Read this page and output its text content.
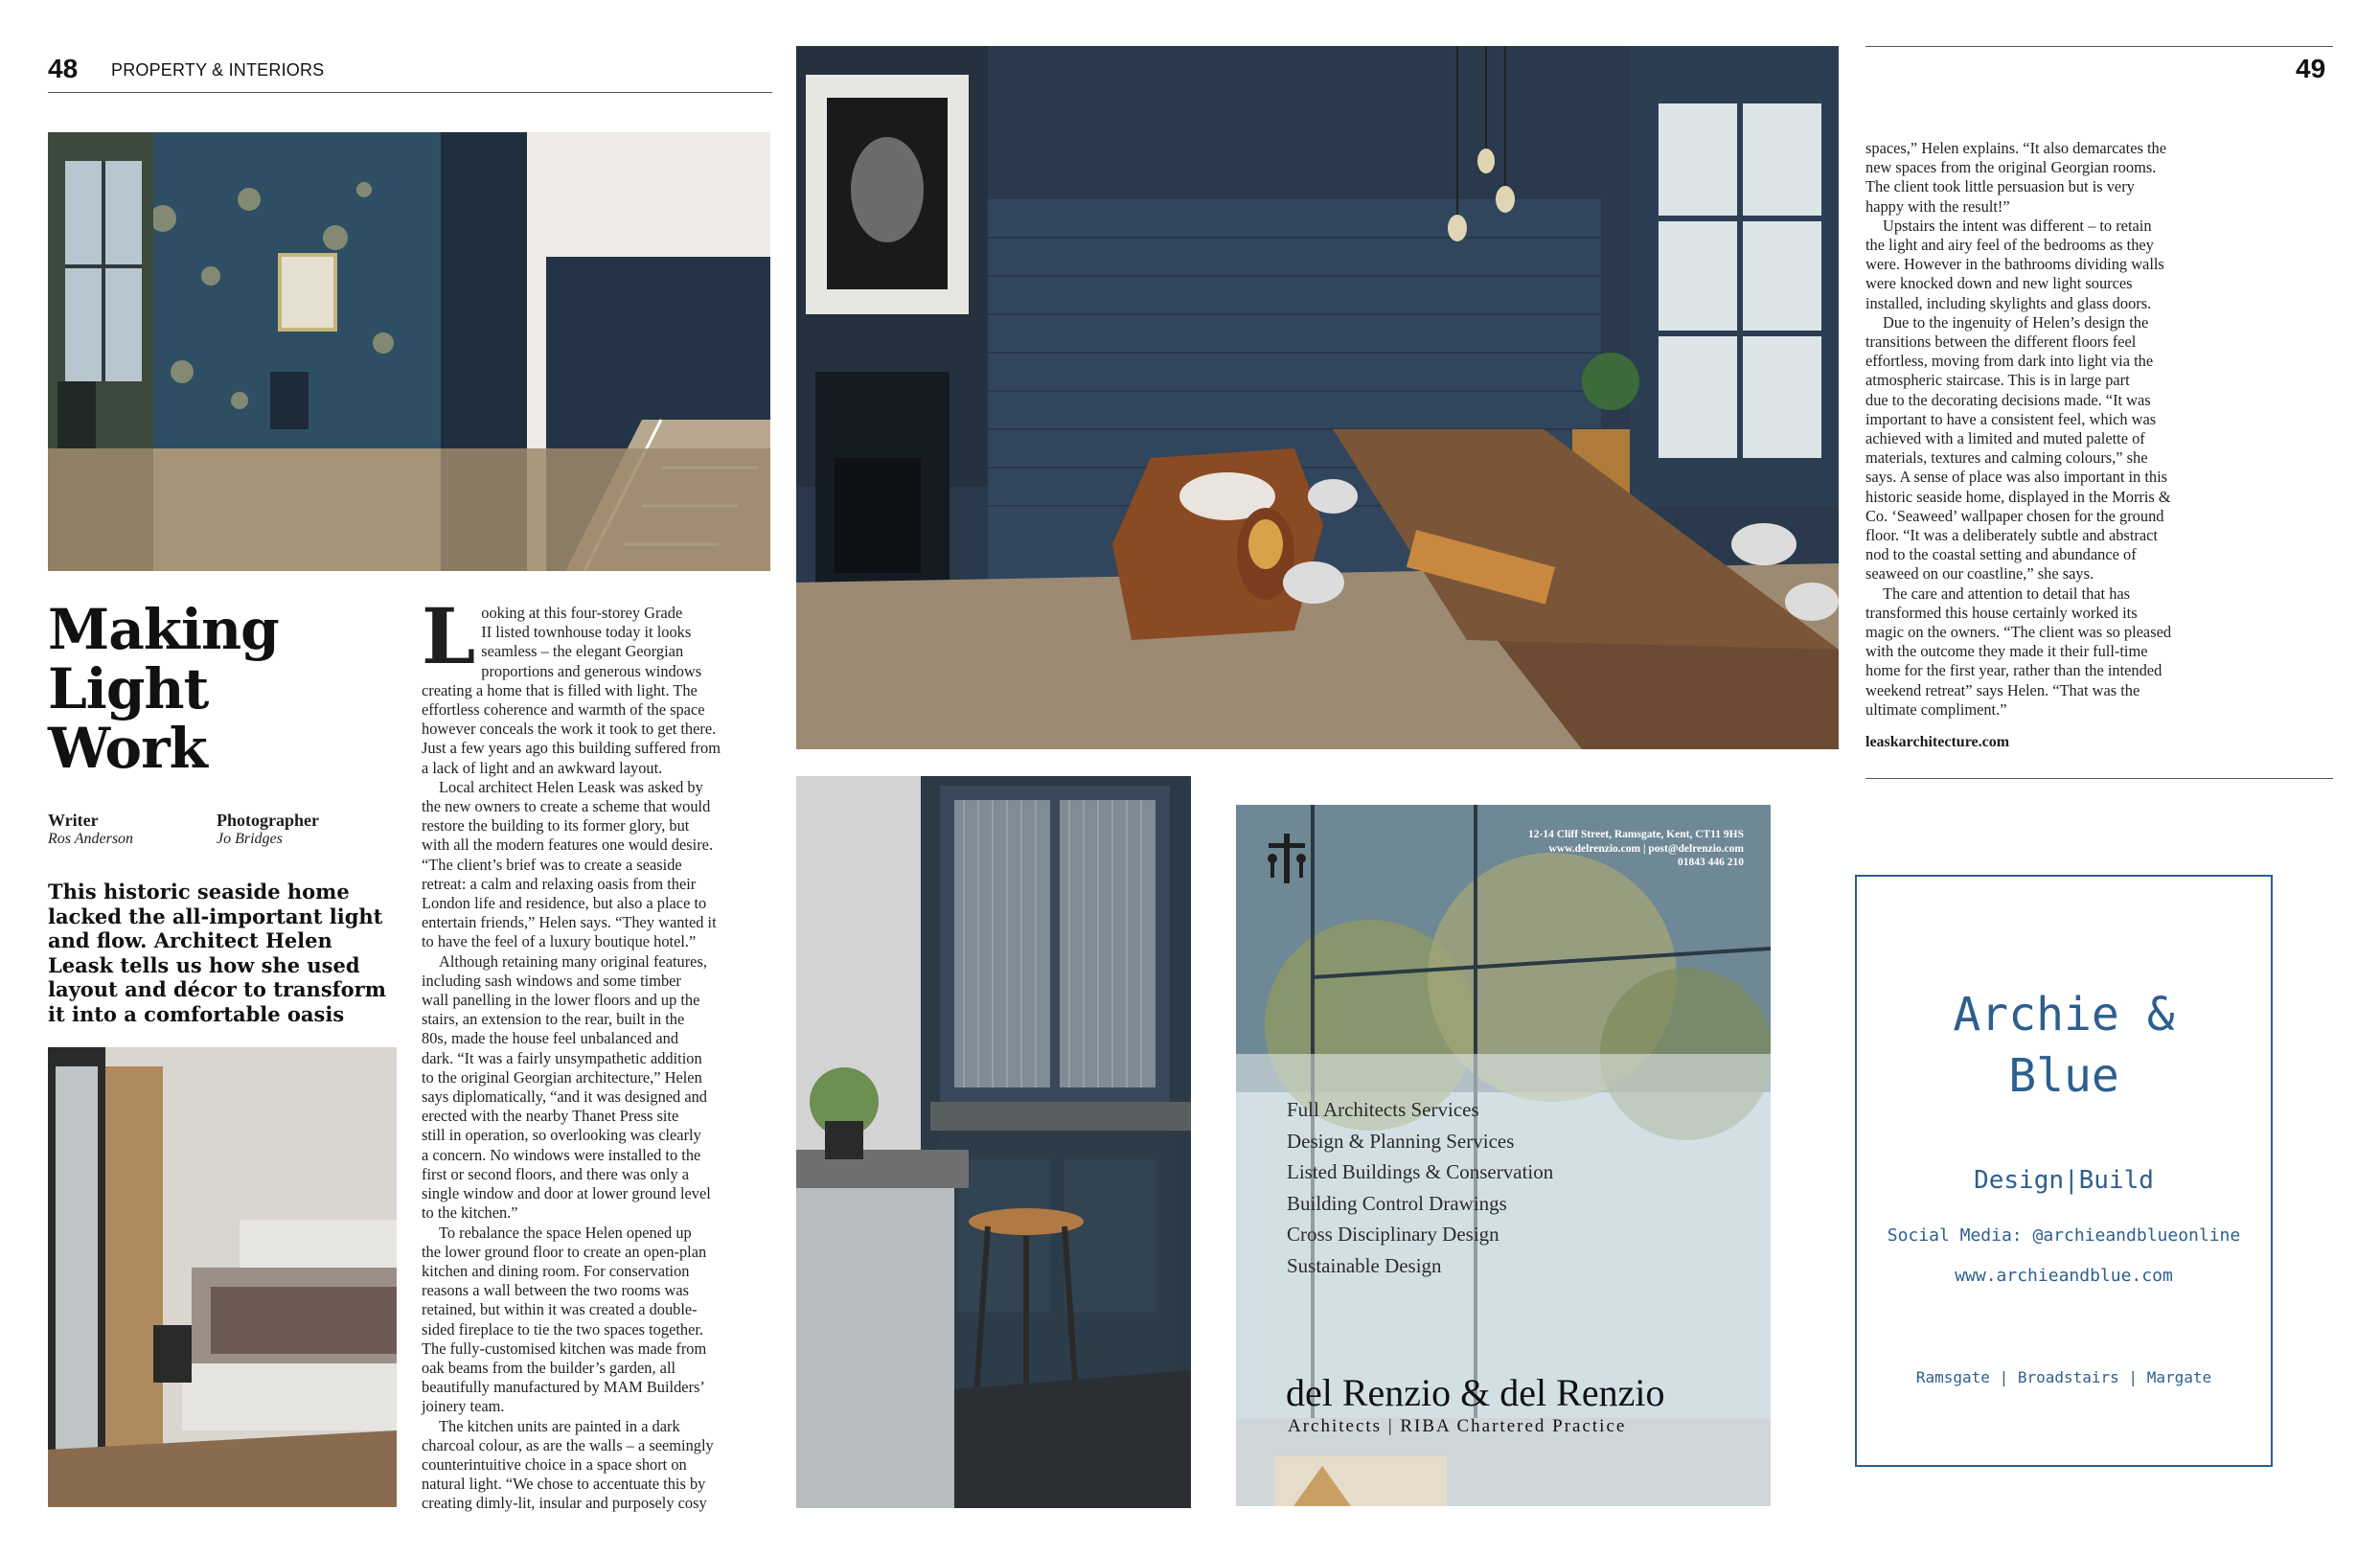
48 PROPERTY & INTERIORS	49
Making
Light
Work
Writer
Ros Anderson
Photographer
Jo Bridges
This historic seaside home
lacked the all-important light
and flow. Architect Helen
Leask tells us how she used
layout and décor to transform
it into a comfortable oasis

L ooking at this four-storey Grade
II listed townhouse today it looks
seamless – the elegant Georgian
proportions and generous windows
creating a home that is filled with light. The
effortless coherence and warmth of the space
however conceals the work it took to get there.
Just a few years ago this building suffered from
a lack of light and an awkward layout.

Local architect Helen Leask was asked by
the new owners to create a scheme that would
restore the building to its former glory, but
with all the modern features one would desire.
“The client’s brief was to create a seaside
retreat: a calm and relaxing oasis from their
London life and residence, but also a place to
entertain friends,” Helen says. “They wanted it
to have the feel of a luxury boutique hotel.”

Although retaining many original features,
including sash windows and some timber
wall panelling in the lower floors and up the
stairs, an extension to the rear, built in the
80s, made the house feel unbalanced and
dark. “It was a fairly unsympathetic addition
to the original Georgian architecture,” Helen
says diplomatically, “and it was designed and
erected with the nearby Thanet Press site
still in operation, so overlooking was clearly
a concern. No windows were installed to the
first or second floors, and there was only a
single window and door at lower ground level
to the kitchen.”

To rebalance the space Helen opened up
the lower ground floor to create an open-plan
kitchen and dining room. For conservation
reasons a wall between the two rooms was
retained, but within it was created a double-
sided fireplace to tie the two spaces together.
The fully-customised kitchen was made from
oak beams from the builder’s garden, all
beautifully manufactured by MAM Builders’
joinery team.

The kitchen units are painted in a dark
charcoal colour, as are the walls – a seemingly
counterintuitive choice in a space short on
natural light. “We chose to accentuate this by
creating dimly-lit, insular and purposely cosy

spaces,” Helen explains. “It also demarcates the
new spaces from the original Georgian rooms.
The client took little persuasion but is very
happy with the result!”

Upstairs the intent was different – to retain
the light and airy feel of the bedrooms as they
were. However in the bathrooms dividing walls
were knocked down and new light sources
installed, including skylights and glass doors.

Due to the ingenuity of Helen’s design the
transitions between the different floors feel
effortless, moving from dark into light via the
atmospheric staircase. This is in large part
due to the decorating decisions made. “It was
important to have a consistent feel, which was
achieved with a limited and muted palette of
materials, textures and calming colours,” she
says. A sense of place was also important in this
historic seaside home, displayed in the Morris &
Co. ‘Seaweed’ wallpaper chosen for the ground
floor. “It was a deliberately subtle and abstract
nod to the coastal setting and abundance of
seaweed on our coastline,” she says.

The care and attention to detail that has
transformed this house certainly worked its
magic on the owners. “The client was so pleased
with the outcome they made it their full-time
home for the first year, rather than the intended
weekend retreat” says Helen. “That was the
ultimate compliment.”

leaskarchitecture.com
12-14 Cliff Street, Ramsgate, Kent, CT11 9HS
www.delrenzio.com | post@delrenzio.com
01843 446 210
Full Architects Services
Design & Planning Services
Listed Buildings & Conservation
Building Control Drawings
Cross Disciplinary Design
Sustainable Design
del Renzio & del Renzio
Architects | RIBA Chartered Practice
Archie &
Blue
Design|Build
Social Media: @archieandblueonline
www.archieandblue.com
Ramsgate | Broadstairs | Margate
